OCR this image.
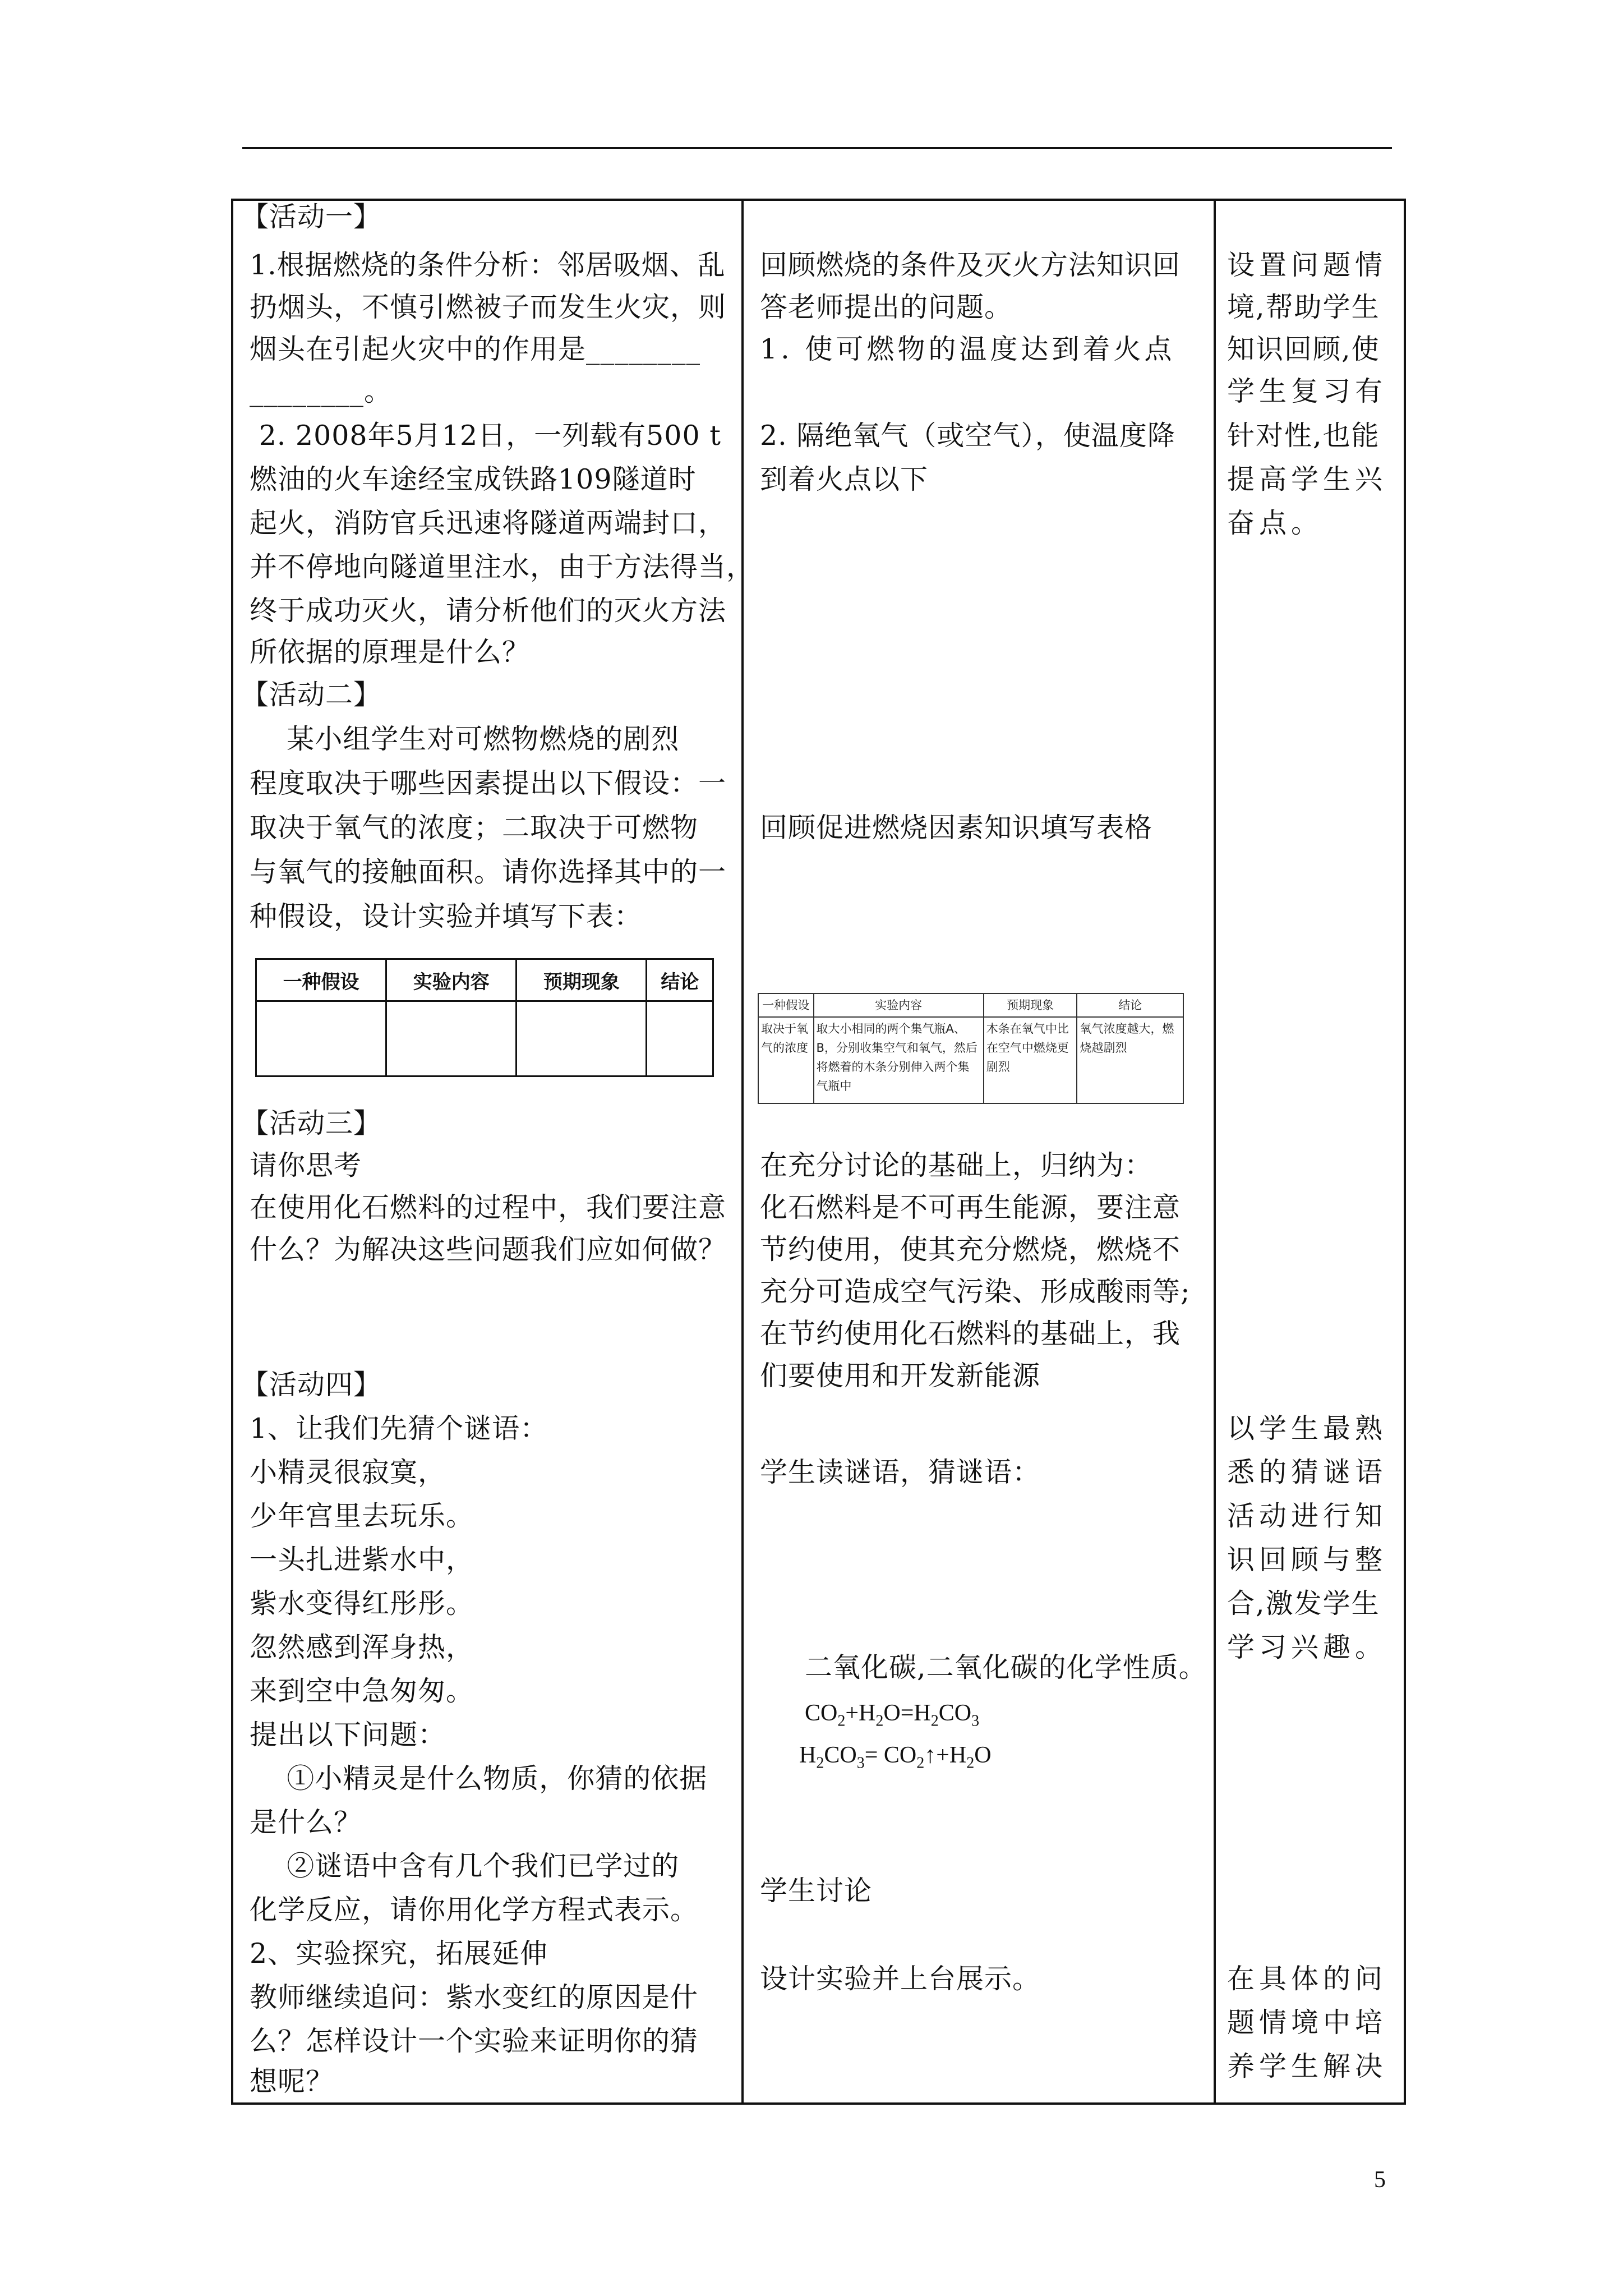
【活动一】
1.根据燃烧的条件分析：邻居吸烟、乱
扔烟头，不慎引燃被子而发生火灾，则
烟头在引起火灾中的作用是________
________。
2. 2008年5月12日，一列载有500 t
燃油的火车途经宝成铁路109隧道时
起火，消防官兵迅速将隧道两端封口，
并不停地向隧道里注水，由于方法得当，
终于成功灭火，请分析他们的灭火方法
所依据的原理是什么？
【活动二】
某小组学生对可燃物燃烧的剧烈
程度取决于哪些因素提出以下假设：一
取决于氧气的浓度；二取决于可燃物
与氧气的接触面积。请你选择其中的一
种假设，设计实验并填写下表：
一种假设	实验内容	预期现象	结论

【活动三】
请你思考
在使用化石燃料的过程中，我们要注意
什么？为解决这些问题我们应如何做？
【活动四】
1、让我们先猜个谜语：
小精灵很寂寞，
少年宫里去玩乐。
一头扎进紫水中，
紫水变得红彤彤。
忽然感到浑身热，
来到空中急匆匆。
提出以下问题：
①小精灵是什么物质，你猜的依据
是什么？
②谜语中含有几个我们已学过的
化学反应，请你用化学方程式表示。
2、实验探究，拓展延伸
教师继续追问：紫水变红的原因是什
么？怎样设计一个实验来证明你的猜
想呢？
回顾燃烧的条件及灭火方法知识回
答老师提出的问题。
1. 使可燃物的温度达到着火点
2. 隔绝氧气（或空气），使温度降
到着火点以下
回顾促进燃烧因素知识填写表格
一种假设	实验内容	预期现象	结论
取决于氧气的浓度	取大小相同的两个集气瓶A、B，分别收集空气和氧气，然后将燃着的木条分别伸入两个集气瓶中	木条在氧气中比在空气中燃烧更剧烈	氧气浓度越大，燃烧越剧烈
在充分讨论的基础上，归纳为：
化石燃料是不可再生能源，要注意
节约使用，使其充分燃烧，燃烧不
充分可造成空气污染、形成酸雨等;
在节约使用化石燃料的基础上，我
们要使用和开发新能源
学生读谜语，猜谜语：
二氧化碳,二氧化碳的化学性质。
$CO_2+H_2O=H_2CO_3$
$H_2CO_3=$ $CO_2↑+H_2O$
学生讨论
设计实验并上台展示。
设置问题情
境,帮助学生
知识回顾,使
学生复习有
针对性,也能
提高学生兴
奋点。
以学生最熟
悉的猜谜语
活动进行知
识回顾与整
合,激发学生
学习兴趣。
在具体的问
题情境中培
养学生解决
5
